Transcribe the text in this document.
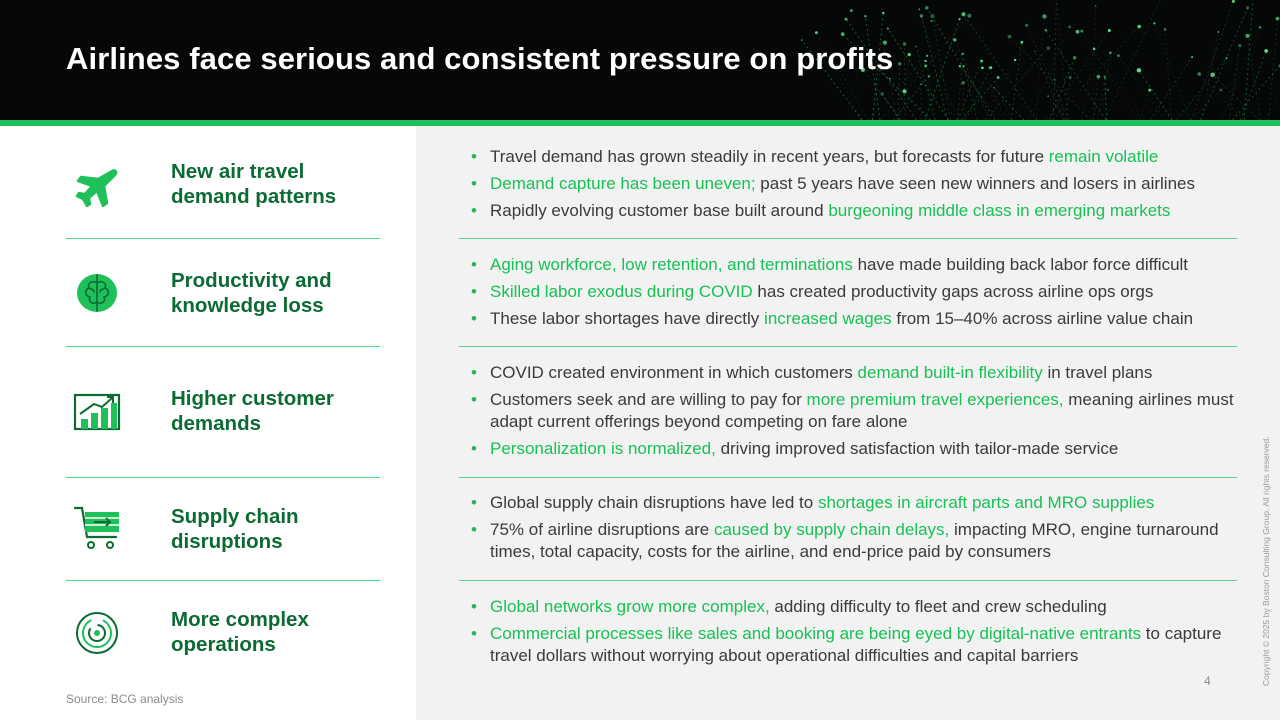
Airlines face serious and consistent pressure on profits
New air travel
demand patterns
Productivity and
knowledge loss
Higher customer
demands
Supply chain
disruptions
More complex
operations
• Travel demand has grown steadily in recent years, but forecasts for future remain volatile
• Demand capture has been uneven; past 5 years have seen new winners and losers in airlines
• Rapidly evolving customer base built around burgeoning middle class in emerging markets
• Aging workforce, low retention, and terminations have made building back labor force difficult
• Skilled labor exodus during COVID has created productivity gaps across airline ops orgs
• These labor shortages have directly increased wages from 15–40% across airline value chain
• COVID created environment in which customers demand built-in flexibility in travel plans
• Customers seek and are willing to pay for more premium travel experiences, meaning airlines must adapt current offerings beyond competing on fare alone
• Personalization is normalized, driving improved satisfaction with tailor-made service
• Global supply chain disruptions have led to shortages in aircraft parts and MRO supplies
• 75% of airline disruptions are caused by supply chain delays, impacting MRO, engine turnaround times, total capacity, costs for the airline, and end-price paid by consumers
• Global networks grow more complex, adding difficulty to fleet and crew scheduling
• Commercial processes like sales and booking are being eyed by digital-native entrants to capture travel dollars without worrying about operational difficulties and capital barriers
Source: BCG analysis
4	Copyright © 2025 by Boston Consulting Group. All rights reserved.
